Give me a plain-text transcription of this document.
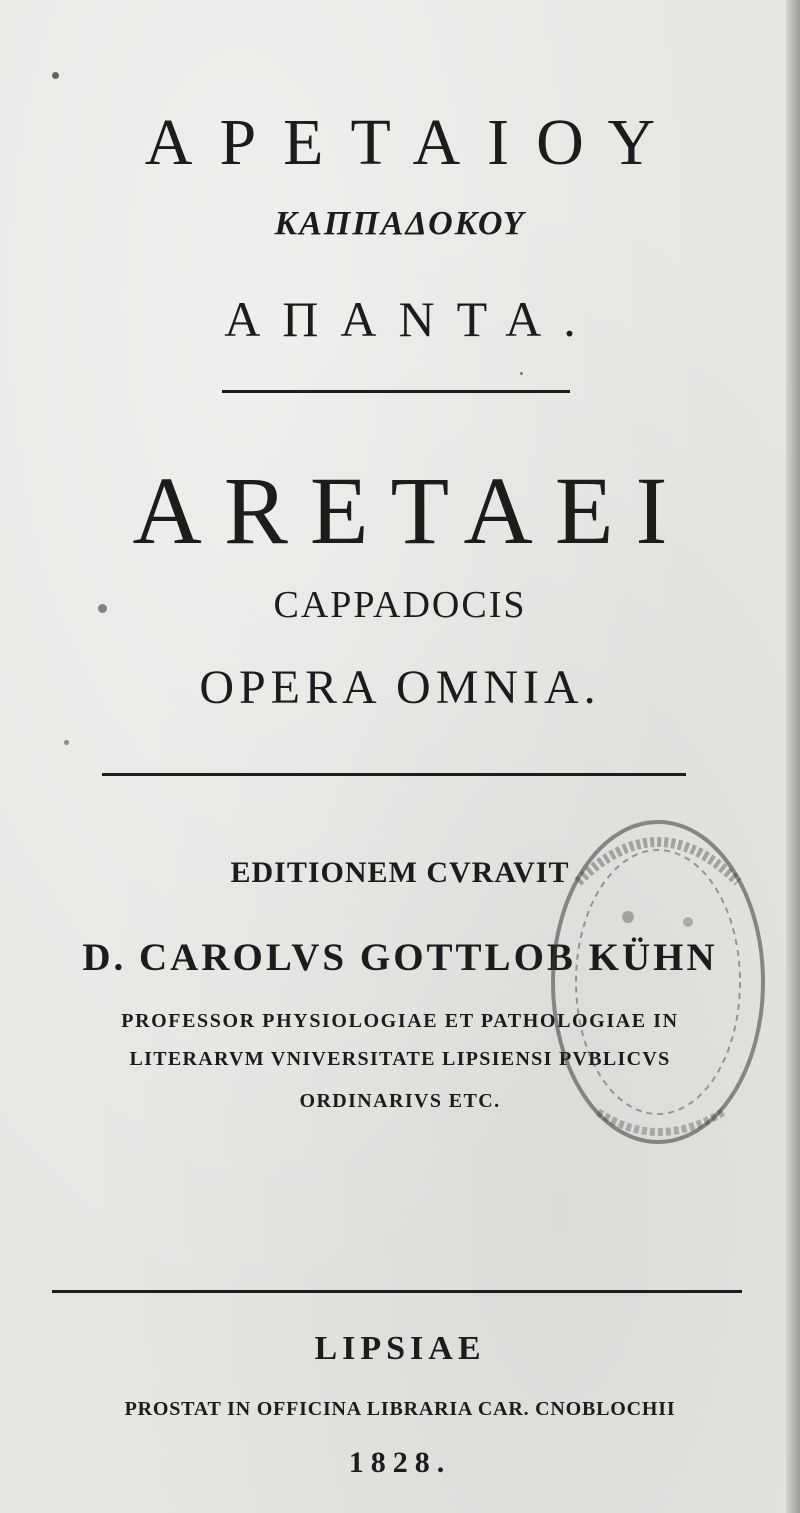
ΑΡΕΤΑΙΟΥ
ΚΑΠΠΑΔΟΚΟΥ
ΑΠΑΝΤΑ.
ARETAEI
CAPPADOCIS
OPERA OMNIA.
EDITIONEM CVRAVIT
D. CAROLVS GOTTLOB KÜHN
PROFESSOR PHYSIOLOGIAE ET PATHOLOGIAE IN
LITERARVM VNIVERSITATE LIPSIENSI PVBLICVS
ORDINARIVS ETC.
LIPSIAE
PROSTAT IN OFFICINA LIBRARIA CAR. CNOBLOCHII
1828.
